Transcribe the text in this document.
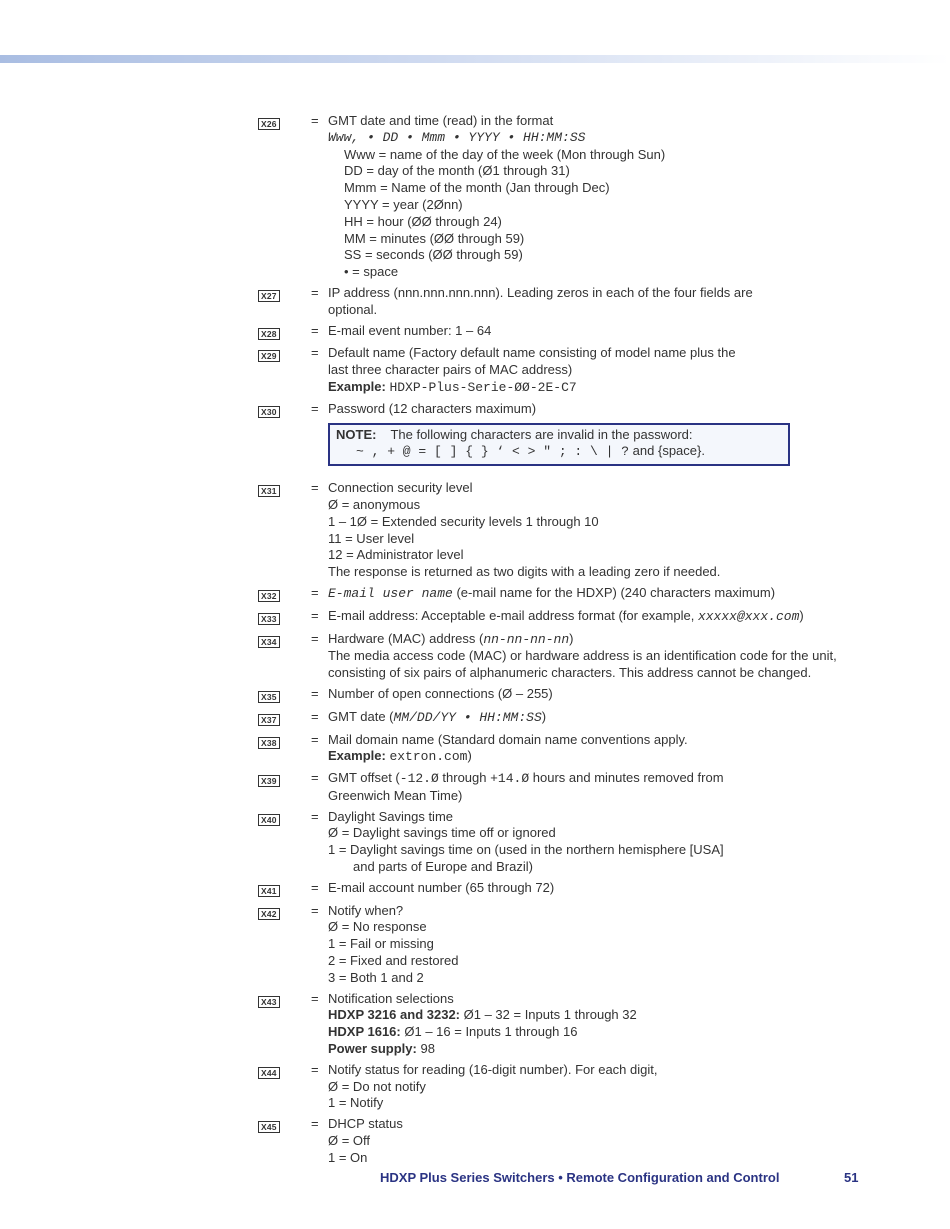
X26	= GMT date and time (read) in the format
Www, • DD • Mmm • YYYY • HH:MM:SS
Www = name of the day of the week (Mon through Sun)
DD = day of the month (Ø1 through 31)
Mmm = Name of the month (Jan through Dec)
YYYY = year (2Ønn)
HH = hour (ØØ through 24)
MM = minutes (ØØ through 59)
SS = seconds (ØØ through 59)
• = space
X27	= IP address (nnn.nnn.nnn.nnn). Leading zeros in each of the four fields are
optional.
X28	= E-mail event number: 1 – 64
X29	= Default name (Factory default name consisting of model name plus the
last three character pairs of MAC address)
Example: HDXP-Plus-Serie-ØØ-2E-C7
X30	= Password (12 characters maximum)
NOTE: The following characters are invalid in the password:
~ , + @ = [ ] { } ‘ < > " ; : \ | ? and {space}.
X31	= Connection security level
Ø = anonymous
1 – 1Ø = Extended security levels 1 through 10
11 = User level
12 = Administrator level
The response is returned as two digits with a leading zero if needed.
X32	= E-mail user name (e-mail name for the HDXP) (240 characters maximum)
X33	= E-mail address: Acceptable e-mail address format (for example, xxxxx@xxx.com)
X34	= Hardware (MAC) address (nn-nn-nn-nn)
The media access code (MAC) or hardware address is an identification code for the unit,
consisting of six pairs of alphanumeric characters. This address cannot be changed.
X35	= Number of open connections (Ø – 255)
X37	= GMT date (MM/DD/YY • HH:MM:SS)
X38	= Mail domain name (Standard domain name conventions apply.
Example: extron.com)
X39	= GMT offset (-12.Ø through +14.Ø hours and minutes removed from
Greenwich Mean Time)
X40	= Daylight Savings time
Ø = Daylight savings time off or ignored
1 = Daylight savings time on (used in the northern hemisphere [USA]
and parts of Europe and Brazil)
X41	= E-mail account number (65 through 72)
X42	= Notify when?
Ø = No response
1 = Fail or missing
2 = Fixed and restored
3 = Both 1 and 2
X43	= Notification selections
HDXP 3216 and 3232: Ø1 – 32 = Inputs 1 through 32
HDXP 1616: Ø1 – 16 = Inputs 1 through 16
Power supply: 98
X44	= Notify status for reading (16-digit number). For each digit,
Ø = Do not notify
1 = Notify
X45	= DHCP status
Ø = Off
1 = On
HDXP Plus Series Switchers • Remote Configuration and Control	51
